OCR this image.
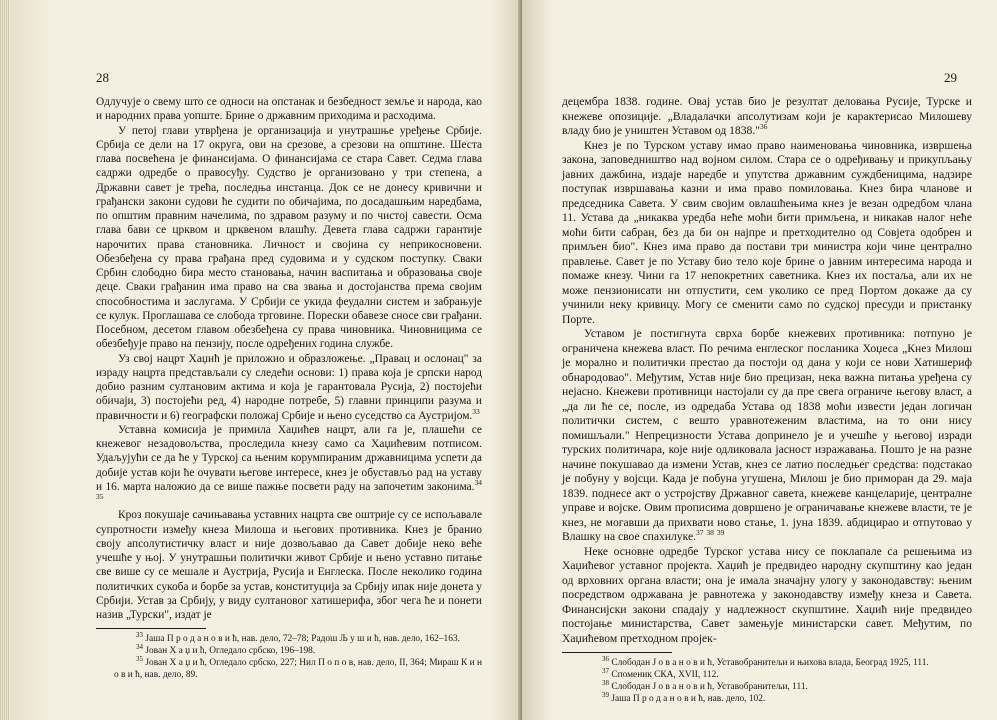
28

Одлучује о свему што се односи на опстанак и безбедност земље и народа, као и народних права уопште. Брине о државним приходима и расходима.

У петој глави утврђена је организација и унутрашње уређење Србије. Србија се дели на 17 округа, ови на срезове, а срезови на општине. Шеста глава посвећена је финансијама. О финансијама се стара Савет. Седма глава садржи одредбе о правосуђу. Судство је организовано у три степена, а Државни савет је трећа, последња инстанца. Док се не донесу кривични и грађански закони судови ће судити по обичајима, по досадашњим наредбама, по општим правним начелима, по здравом разуму и по чистој савести. Осма глава бави се црквом и црквеном влашћу. Девета глава садржи гарантије нарочитих права становника. Личност и својина су неприкосновени. Обезбеђена су права грађана пред судовима и у судском поступку. Сваки Србин слободно бира место становања, начин васпитања и образовања своје деце. Сваки грађанин има право на сва звања и достојанства према својим способностима и заслугама. У Србији се укида феудални систем и забрањује се кулук. Проглашава се слобода трговине. Порески обавезе сносе сви грађани. Посебном, десетом главом обезбеђена су права чиновника. Чиновницима се обезбеђује право на пензију, после одређених година службе.

Уз свој нацрт Хаџић је приложио и образложење. „Правац и ослонац" за израду нацрта представљали су следећи основи: 1) права која је српски народ добио разним султановим актима и која је гарантовала Русија, 2) постојећи обичаји, 3) постојећи ред, 4) народне потребе, 5) главни принципи разума и правичности и 6) географски положај Србије и њено суседство са Аустријом.$^{33}$

Уставна комисија је примила Хаџићев нацрт, али га је, плашећи се кнежевог незадовољства, проследила кнезу само са Хаџићевим потписом. Удаљујући се да ће у Турској са њеним корумпираним државницима успети да добије устав који ће очувати његове интересе, кнез је обустављо рад на уставу и 16. марта наложио да се више пажње посвети раду на започетим законима.$^{34}$ $^{35}$

Кроз покушаје сачињавања уставних нацрта све оштрије су се испољавале супротности између кнеза Милоша и његових противника. Кнез је бранио своју апсолутистичку власт и није дозвољавао да Савет добије неко веће учешће у њој. У унутрашњи политички живот Србије и њено уставно питање све више су се мешале и Аустрија, Русија и Енглеска. После неколико година политичких сукоба и борбе за устав, конституција за Србију ипак није донета у Србији. Устав за Србију, у виду султановог хатишерифа, због чега ће и понети назив „Турски", издат је

$^{33}$ Јаша П р о д а н о в и ћ, нав. дело, 72–78; Радош Љ у ш и ћ, нав. дело, 162–163.

$^{34}$ Јован Х а џ и ћ, Огледало србско, 196–198.

$^{35}$ Јован Х а џ и ћ, Огледало србско, 227; Нил П о п о в, нав. дело, II, 364; Мираш К и н о в и ћ, нав. дело, 89.

29

децембра 1838. године. Овај устав био је резултат деловања Русије, Турске и кнежеве опозиције. „Владалачки апсолутизам који је карактерисао Милошеву владу био је уништен Уставом од 1838."$^{36}$

Кнез је по Турском уставу имао право наименовања чиновника, извршења закона, заповедништво над војном силом. Стара се о одређивању и прикупљању јавних дажбина, издаје наредбе и упутства државним суждбеницима, надзире поступак извршавања казни и има право помиловања. Кнез бира чланове и председника Савета. У свим својим овлашћењима кнез је везан одредбом члана 11. Устава да „никаква уредба неће моћи бити примљена, и никакав налог неће моћи бити сабран, без да би он најпре и претходително од Совјета одобрен и примљен био". Кнез има право да постави три министра који чине централно правлење. Савет је по Уставу био тело које брине о јавним интересима народа и помаже кнезу. Чини га 17 непокретних саветника. Кнез их постаља, али их не може пензионисати ни отпустити, сем уколико се пред Портом докаже да су учинили неку кривицу. Могу се сменити само по судској пресуди и пристанку Порте.

Уставом је постигнута сврха борбе кнежевих противника: потпуно је ограничена кнежева власт. По речима енглеског посланика Хоџеса „Кнез Милош је морално и политички престао да постоји од дана у који се нови Хатишериф обнародовао". Међутим, Устав није био прецизан, нека важна питања уређена су нејасно. Кнежеви противници настојали су да пре свега ограниче његову власт, а „да ли ће се, после, из одредаба Устава од 1838 моћи извести један логичан политички систем, с вешто уравнотеженим властима, на то они нису помишљали." Непрецизности Устава допринело је и учешће у његовој изради турских политичара, које није одликовала јасност изражавања. Пошто је на разне начине покушавао да измени Устав, кнез се латио последњег средства: подстакао је побуну у војсци. Када је побуна угушена, Милош је био приморан да 29. маја 1839. поднесе акт о устројству Државног савета, кнежеве канцеларије, централне управе и војске. Овим прописима довршено је ограничавање кнежеве власти, те је кнез, не могавши да прихвати ново стање, 1. јуна 1839. абдицирао и отпутовао у Влашку на свое спахилуке.$^{37}$ $^{38}$ $^{39}$

Неке основне одредбе Турског устава нису се поклапале са решењима из Хаџићевог уставног пројекта. Хаџић је предвидео народну скупштину као један од врховних органа власти; она је имала значајну улогу у законодавству: њеним посредством одржавана је равнотежа у законодавству између кнеза и Савета. Финансијски закони спадају у надлежност скупштине. Хаџић није предвидео постојање министарства, Савет замењује министарски савет. Међутим, по Хаџићевом претходном пројек-

$^{36}$ Слободан Ј о в а н о в и ћ, Уставобранитељи и њихова влада, Београд 1925, 111.

$^{37}$ Споменик СКА, XVII, 112.

$^{38}$ Слободан Ј о в а н о в и ћ, Уставобранитељи, 111.

$^{39}$ Јаша П р о д а н о в и ћ, нав. дело, 102.
